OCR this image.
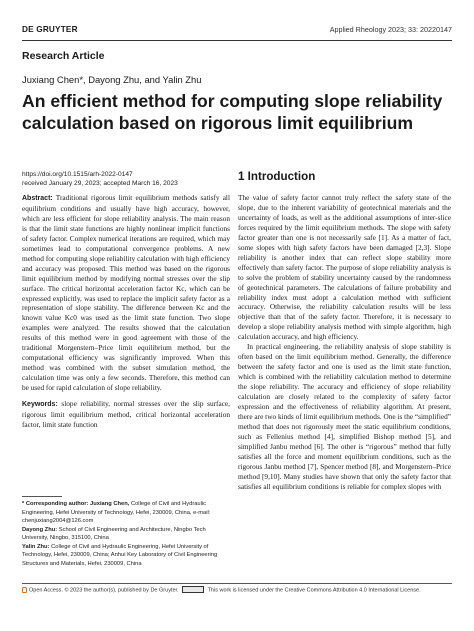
DE GRUYTER	Applied Rheology 2023; 33: 20220147
Research Article
Juxiang Chen*, Dayong Zhu, and Yalin Zhu
An efficient method for computing slope reliability calculation based on rigorous limit equilibrium
https://doi.org/10.1515/arh-2022-0147
received January 29, 2023; accepted March 16, 2023

Abstract: Traditional rigorous limit equilibrium methods satisfy all equilibrium conditions and usually have high accuracy, however, which are less efficient for slope reliability analysis. The main reason is that the limit state functions are highly nonlinear implicit functions of safety factor. Complex numerical iterations are required, which may sometimes lead to computational convergence problems. A new method for computing slope reliability calculation with high efficiency and accuracy was proposed. This method was based on the rigorous limit equilibrium method by modifying normal stresses over the slip surface. The critical horizontal acceleration factor Kc, which can be expressed explicitly, was used to replace the implicit safety factor as a representation of slope stability. The difference between Kc and the known value Kc0 was used as the limit state function. Two slope examples were analyzed. The results showed that the calculation results of this method were in good agreement with those of the traditional Morgenstern–Price limit equilibrium method, but the computational efficiency was significantly improved. When this method was combined with the subset simulation method, the calculation time was only a few seconds. Therefore, this method can be used for rapid calculation of slope reliability.

Keywords: slope reliability, normal stresses over the slip surface, rigorous limit equilibrium method, critical horizontal acceleration factor, limit state function

* Corresponding author: Juxiang Chen, College of Civil and Hydraulic Engineering, Hefei University of Technology, Hefei, 230009, China, e-mail: chenjuxiang2004@126.com

Dayong Zhu: School of Civil Engineering and Architecture, Ningbo Tech University, Ningbo, 315100, China

Yalin Zhu: College of Civil and Hydraulic Engineering, Hefei University of Technology, Hefei, 230009, China; Anhui Key Laboratory of Civil Engineering Structures and Materials, Hefei, 230009, China

1 Introduction

The value of safety factor cannot truly reflect the safety state of the slope, due to the inherent variability of geotechnical materials and the uncertainty of loads, as well as the additional assumptions of inter-slice forces required by the limit equilibrium methods. The slope with safety factor greater than one is not necessarily safe [1]. As a matter of fact, some slopes with high safety factors have been damaged [2,3]. Slope reliability is another index that can reflect slope stability more effectively than safety factor. The purpose of slope reliability analysis is to solve the problem of stability uncertainty caused by the randomness of geotechnical parameters. The calculations of failure probability and reliability index must adopt a calculation method with sufficient accuracy. Otherwise, the reliability calculation results will be less objective than that of the safety factor. Therefore, it is necessary to develop a slope reliability analysis method with simple algorithm, high calculation accuracy, and high efficiency.

In practical engineering, the reliability analysis of slope stability is often based on the limit equilibrium method. Generally, the difference between the safety factor and one is used as the limit state function, which is combined with the reliability calculation method to determine the slope reliability. The accuracy and efficiency of slope reliability calculation are closely related to the complexity of safety factor expression and the effectiveness of reliability algorithm. At present, there are two kinds of limit equilibrium methods. One is the “simplified” method that does not rigorously meet the static equilibrium conditions, such as Fellenius method [4], simplified Bishop method [5], and simplified Janbu method [6]. The other is “rigorous” method that fully satisfies all the force and moment equilibrium conditions, such as the rigorous Janbu method [7], Spencer method [8], and Morgenstern–Price method [9,10]. Many studies have shown that only the safety factor that satisfies all equilibrium conditions is reliable for complex slopes with

Open Access. © 2023 the author(s), published by De Gruyter.	This work is licensed under the Creative Commons Attribution 4.0 International License.
